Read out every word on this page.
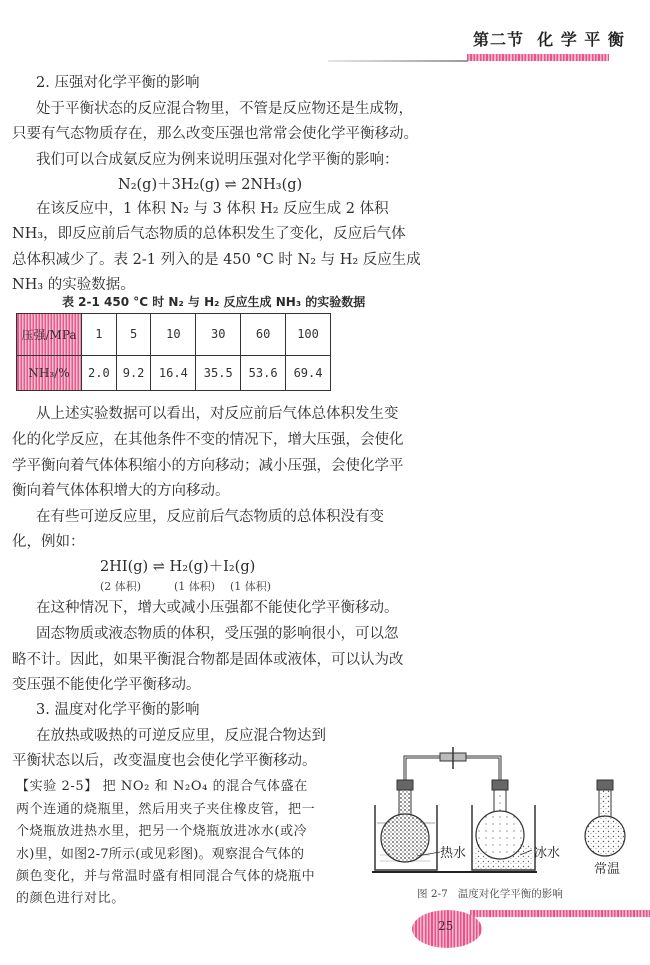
第二节  化 学 平 衡
2. 压强对化学平衡的影响
处于平衡状态的反应混合物里，不管是反应物还是生成物，
只要有气态物质存在，那么改变压强也常常会使化学平衡移动。
我们可以合成氨反应为例来说明压强对化学平衡的影响：
N₂(g)＋3H₂(g) ⇌ 2NH₃(g)
在该反应中，1 体积 N₂ 与 3 体积 H₂ 反应生成 2 体积
NH₃，即反应前后气态物质的总体积发生了变化，反应后气体
总体积减少了。表 2-1 列入的是 450 °C 时 N₂ 与 H₂ 反应生成
NH₃ 的实验数据。
表 2-1 450 °C 时 N₂ 与 H₂ 反应生成 NH₃ 的实验数据
压强/MPa	1	5	10	30	60	100
NH₃/%	2.0	9.2	16.4	35.5	53.6	69.4
从上述实验数据可以看出，对反应前后气体总体积发生变
化的化学反应，在其他条件不变的情况下，增大压强，会使化
学平衡向着气体体积缩小的方向移动；减小压强，会使化学平
衡向着气体体积增大的方向移动。
在有些可逆反应里，反应前后气态物质的总体积没有变
化，例如：
2HI(g) ⇌ H₂(g)＋I₂(g)
(2 体积)	(1 体积) (1 体积)
在这种情况下，增大或减小压强都不能使化学平衡移动。
固态物质或液态物质的体积，受压强的影响很小，可以忽
略不计。因此，如果平衡混合物都是固体或液体，可以认为改
变压强不能使化学平衡移动。
3. 温度对化学平衡的影响
在放热或吸热的可逆反应里，反应混合物达到
平衡状态以后，改变温度也会使化学平衡移动。
【实验 2-5】 把 NO₂ 和 N₂O₄ 的混合气体盛在
两个连通的烧瓶里，然后用夹子夹住橡皮管，把一
个烧瓶放进热水里，把另一个烧瓶放进冰水(或冷
水)里，如图2-7所示(或见彩图)。观察混合气体的
颜色变化，并与常温时盛有相同混合气体的烧瓶中
的颜色进行对比。
热水	冰水
常温
图 2-7   温度对化学平衡的影响
25
